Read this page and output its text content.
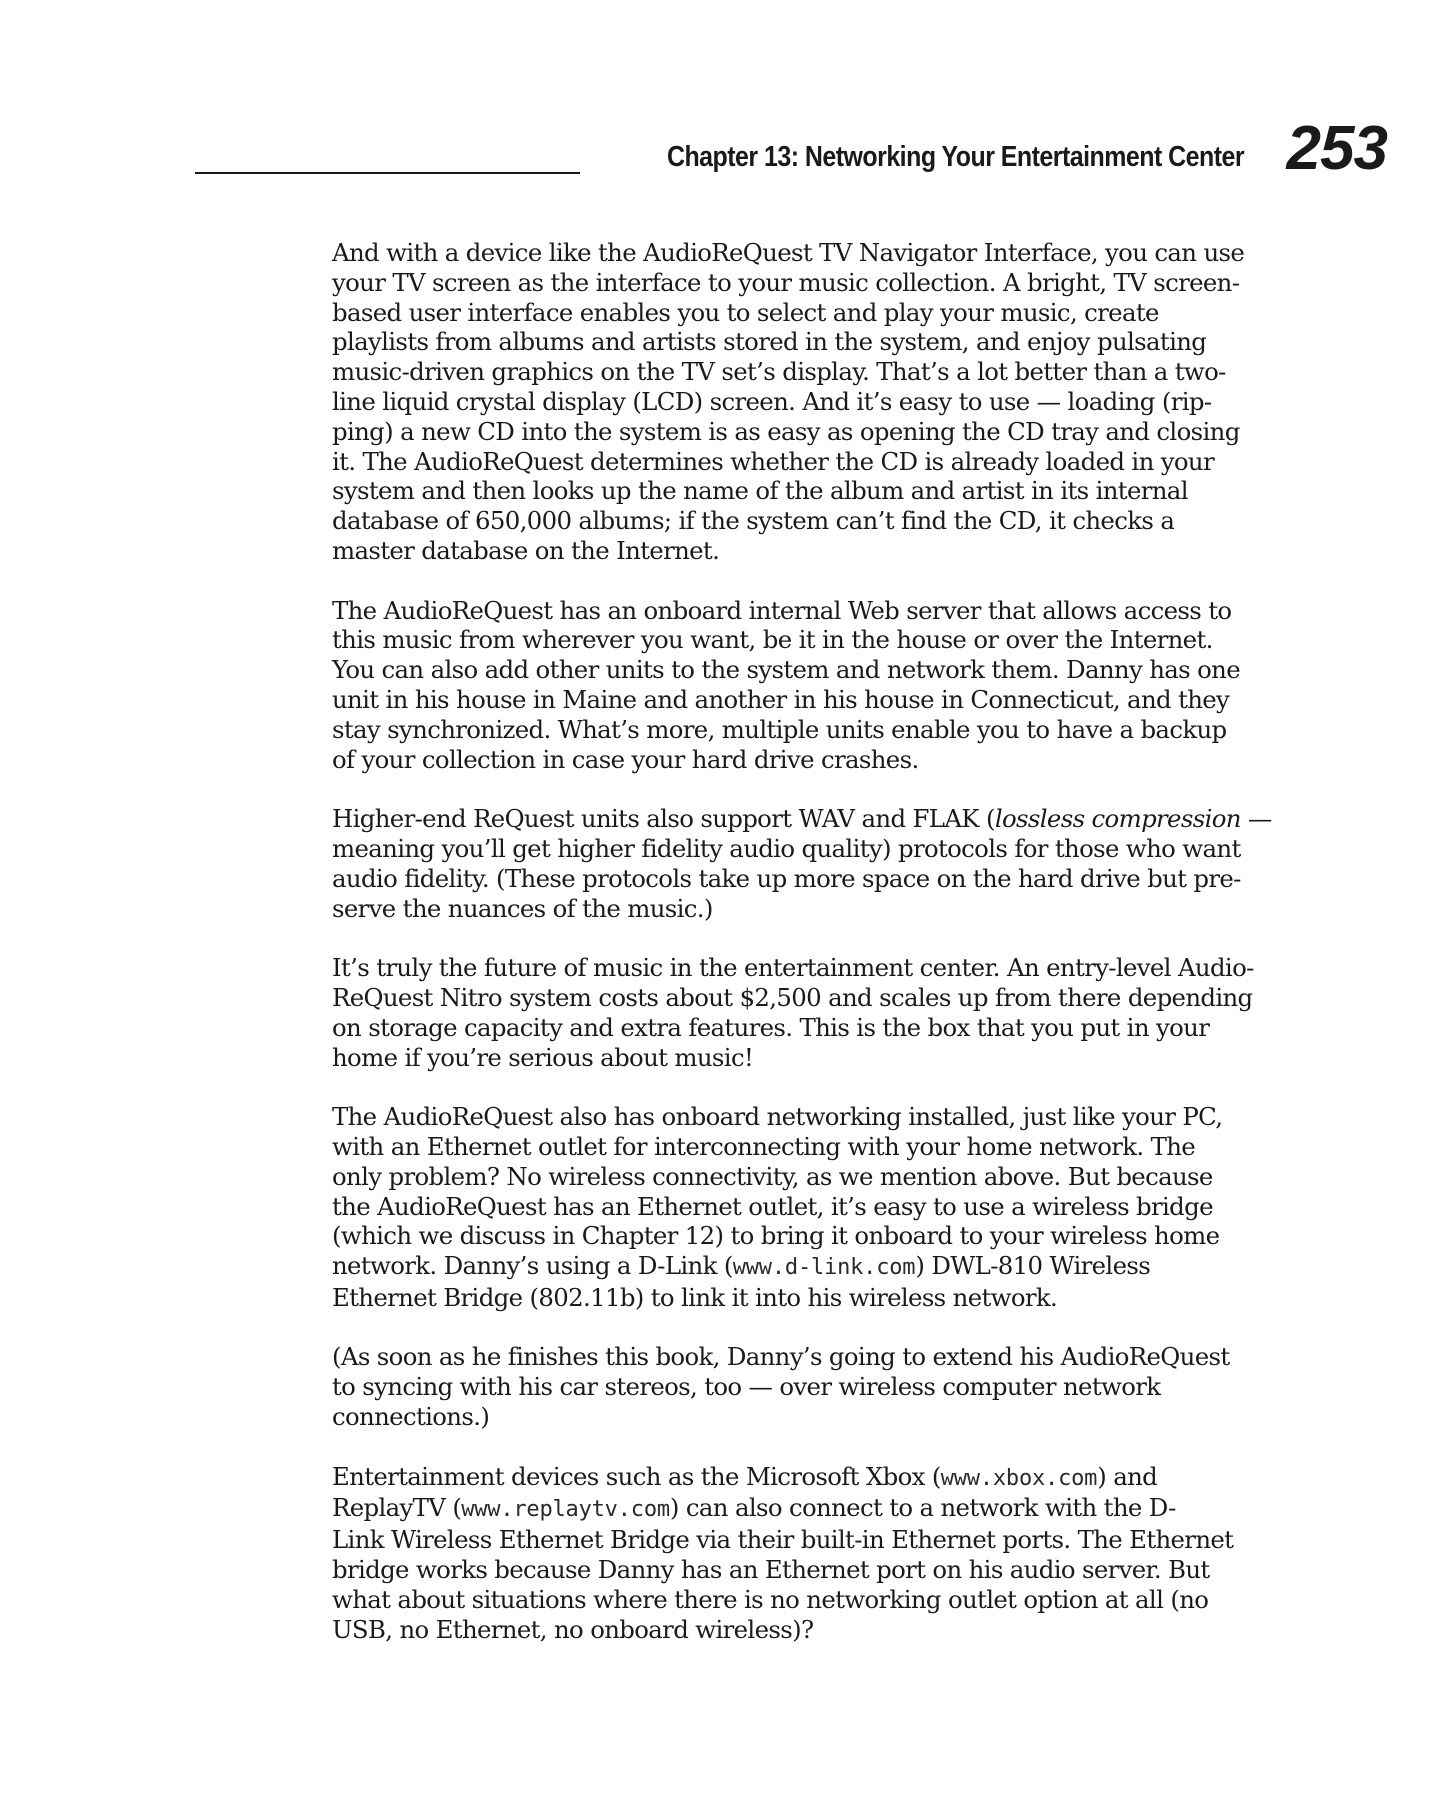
Chapter 13: Networking Your Entertainment Center 253

And with a device like the AudioReQuest TV Navigator Interface, you can use
your TV screen as the interface to your music collection. A bright, TV screen-
based user interface enables you to select and play your music, create
playlists from albums and artists stored in the system, and enjoy pulsating
music-driven graphics on the TV set’s display. That’s a lot better than a two-
line liquid crystal display (LCD) screen. And it’s easy to use — loading (rip-
ping) a new CD into the system is as easy as opening the CD tray and closing
it. The AudioReQuest determines whether the CD is already loaded in your
system and then looks up the name of the album and artist in its internal
database of 650,000 albums; if the system can’t find the CD, it checks a
master database on the Internet.

The AudioReQuest has an onboard internal Web server that allows access to
this music from wherever you want, be it in the house or over the Internet.
You can also add other units to the system and network them. Danny has one
unit in his house in Maine and another in his house in Connecticut, and they
stay synchronized. What’s more, multiple units enable you to have a backup
of your collection in case your hard drive crashes.

Higher-end ReQuest units also support WAV and FLAK (lossless compression —
meaning you’ll get higher fidelity audio quality) protocols for those who want
audio fidelity. (These protocols take up more space on the hard drive but pre-
serve the nuances of the music.)

It’s truly the future of music in the entertainment center. An entry-level Audio-
ReQuest Nitro system costs about $2,500 and scales up from there depending
on storage capacity and extra features. This is the box that you put in your
home if you’re serious about music!

The AudioReQuest also has onboard networking installed, just like your PC,
with an Ethernet outlet for interconnecting with your home network. The
only problem? No wireless connectivity, as we mention above. But because
the AudioReQuest has an Ethernet outlet, it’s easy to use a wireless bridge
(which we discuss in Chapter 12) to bring it onboard to your wireless home
network. Danny’s using a D-Link (www.d-link.com) DWL-810 Wireless
Ethernet Bridge (802.11b) to link it into his wireless network.

(As soon as he finishes this book, Danny’s going to extend his AudioReQuest
to syncing with his car stereos, too — over wireless computer network
connections.)

Entertainment devices such as the Microsoft Xbox (www.xbox.com) and
ReplayTV (www.replaytv.com) can also connect to a network with the D-
Link Wireless Ethernet Bridge via their built-in Ethernet ports. The Ethernet
bridge works because Danny has an Ethernet port on his audio server. But
what about situations where there is no networking outlet option at all (no
USB, no Ethernet, no onboard wireless)?
